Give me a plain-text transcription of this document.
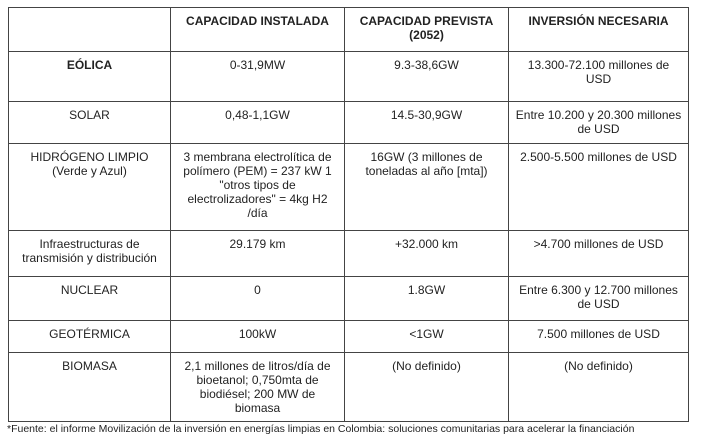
	CAPACIDAD INSTALADA	CAPACIDAD PREVISTA (2052)	INVERSIÓN NECESARIA
EÓLICA	0-31,9MW	9.3-38,6GW	13.300-72.100 millones de USD
SOLAR	0,48-1,1GW	14.5-30,9GW	Entre 10.200 y 20.300 millones de USD
HIDRÓGENO LIMPIO (Verde y Azul)	3 membrana electrolítica de polímero (PEM) = 237 kW 1 "otros tipos de electrolizadores" = 4kg H2 /día	16GW (3 millones de toneladas al año [mta])	2.500-5.500 millones de USD
Infraestructuras de transmisión y distribución	29.179 km	+32.000 km	>4.700 millones de USD
NUCLEAR	0	1.8GW	Entre 6.300 y 12.700 millones de USD
GEOTÉRMICA	100kW	<1GW	7.500 millones de USD
BIOMASA	2,1 millones de litros/día de bioetanol; 0,750mta de biodiésel; 200 MW de biomasa	(No definido)	(No definido)
*Fuente: el informe Movilización de la inversión en energías limpias en Colombia: soluciones comunitarias para acelerar la financiación
